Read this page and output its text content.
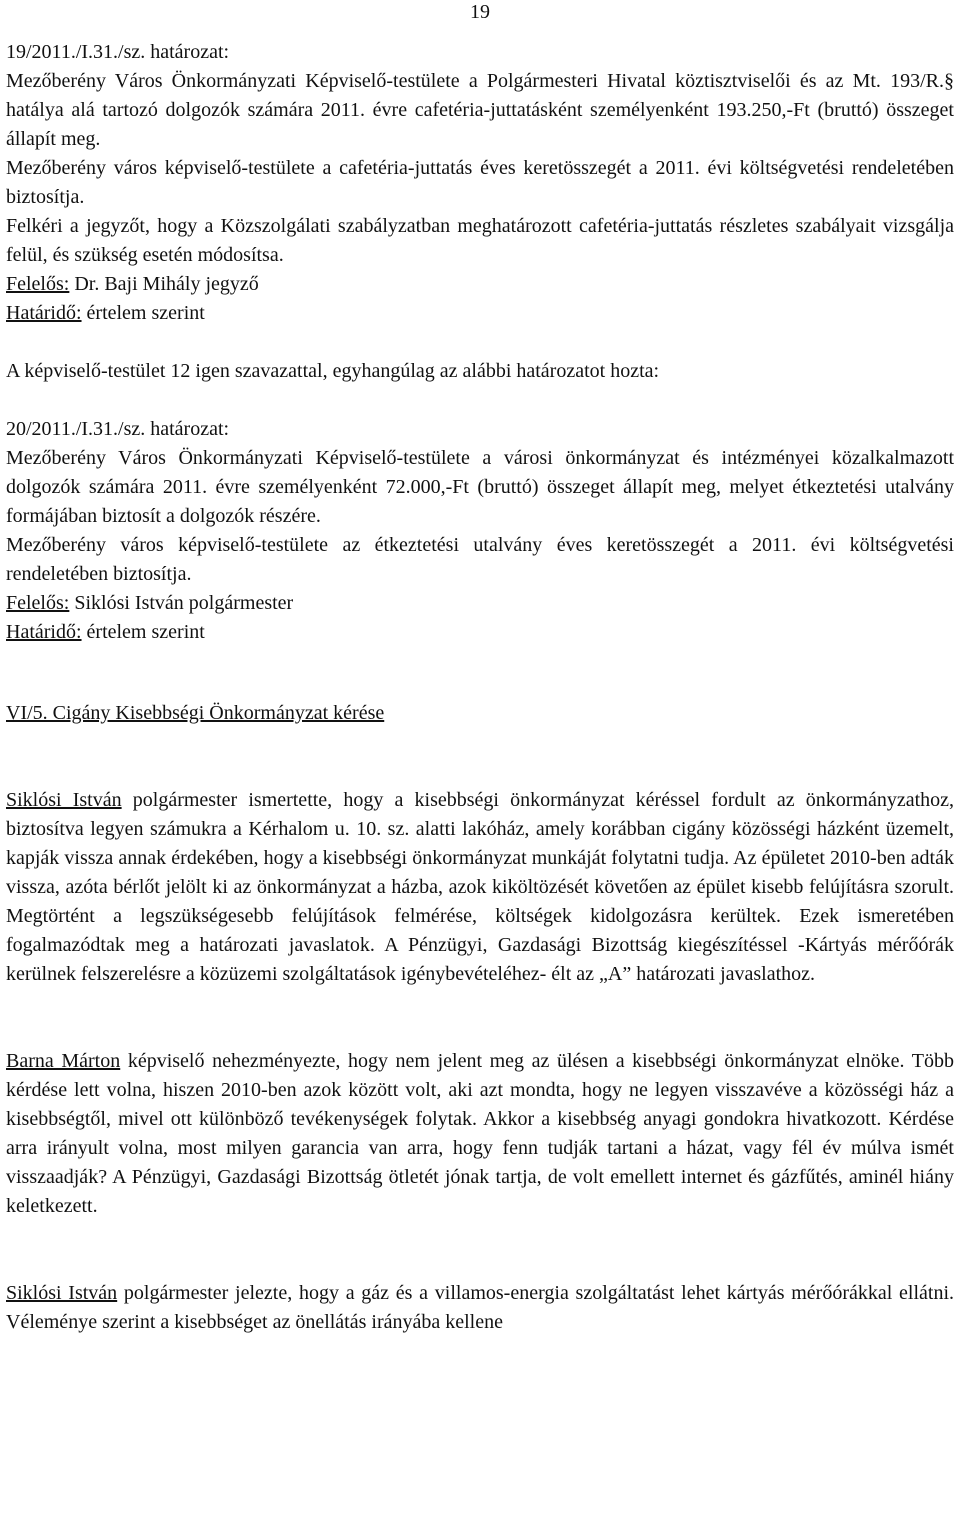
19

19/2011./I.31./sz. határozat:

Mezőberény Város Önkormányzati Képviselő-testülete a Polgármesteri Hivatal köztisztviselői és az Mt. 193/R.§ hatálya alá tartozó dolgozók számára 2011. évre cafetéria-juttatásként személyenként 193.250,-Ft (bruttó) összeget állapít meg.

Mezőberény város képviselő-testülete a cafetéria-juttatás éves keretösszegét a 2011. évi költségvetési rendeletében biztosítja.

Felkéri a jegyzőt, hogy a Közszolgálati szabályzatban meghatározott cafetéria-juttatás részletes szabályait vizsgálja felül, és szükség esetén módosítsa.

Felelős: Dr. Baji Mihály jegyző

Határidő: értelem szerint

A képviselő-testület 12 igen szavazattal, egyhangúlag az alábbi határozatot hozta:

20/2011./I.31./sz. határozat:

Mezőberény Város Önkormányzati Képviselő-testülete a városi önkormányzat és intézményei közalkalmazott dolgozók számára 2011. évre személyenként 72.000,-Ft (bruttó) összeget állapít meg, melyet étkeztetési utalvány formájában biztosít a dolgozók részére.

Mezőberény város képviselő-testülete az étkeztetési utalvány éves keretösszegét a 2011. évi költségvetési rendeletében biztosítja.

Felelős: Siklósi István polgármester

Határidő: értelem szerint

VI/5. Cigány Kisebbségi Önkormányzat kérése

Siklósi István polgármester ismertette, hogy a kisebbségi önkormányzat kéréssel fordult az önkormányzathoz, biztosítva legyen számukra a Kérhalom u. 10. sz. alatti lakóház, amely korábban cigány közösségi házként üzemelt, kapják vissza annak érdekében, hogy a kisebbségi önkormányzat munkáját folytatni tudja. Az épületet 2010-ben adták vissza, azóta bérlőt jelölt ki az önkormányzat a házba, azok kiköltözését követően az épület kisebb felújításra szorult. Megtörtént a legszükségesebb felújítások felmérése, költségek kidolgozásra kerültek. Ezek ismeretében fogalmazódtak meg a határozati javaslatok. A Pénzügyi, Gazdasági Bizottság kiegészítéssel -Kártyás mérőórák kerülnek felszerelésre a közüzemi szolgáltatások igénybevételéhez- élt az „A” határozati javaslathoz.

Barna Márton képviselő nehezményezte, hogy nem jelent meg az ülésen a kisebbségi önkormányzat elnöke. Több kérdése lett volna, hiszen 2010-ben azok között volt, aki azt mondta, hogy ne legyen visszavéve a közösségi ház a kisebbségtől, mivel ott különböző tevékenységek folytak. Akkor a kisebbség anyagi gondokra hivatkozott. Kérdése arra irányult volna, most milyen garancia van arra, hogy fenn tudják tartani a házat, vagy fél év múlva ismét visszaadják? A Pénzügyi, Gazdasági Bizottság ötletét jónak tartja, de volt emellett internet és gázfűtés, aminél hiány keletkezett.

Siklósi István polgármester jelezte, hogy a gáz és a villamos-energia szolgáltatást lehet kártyás mérőórákkal ellátni. Véleménye szerint a kisebbséget az önellátás irányába kellene
